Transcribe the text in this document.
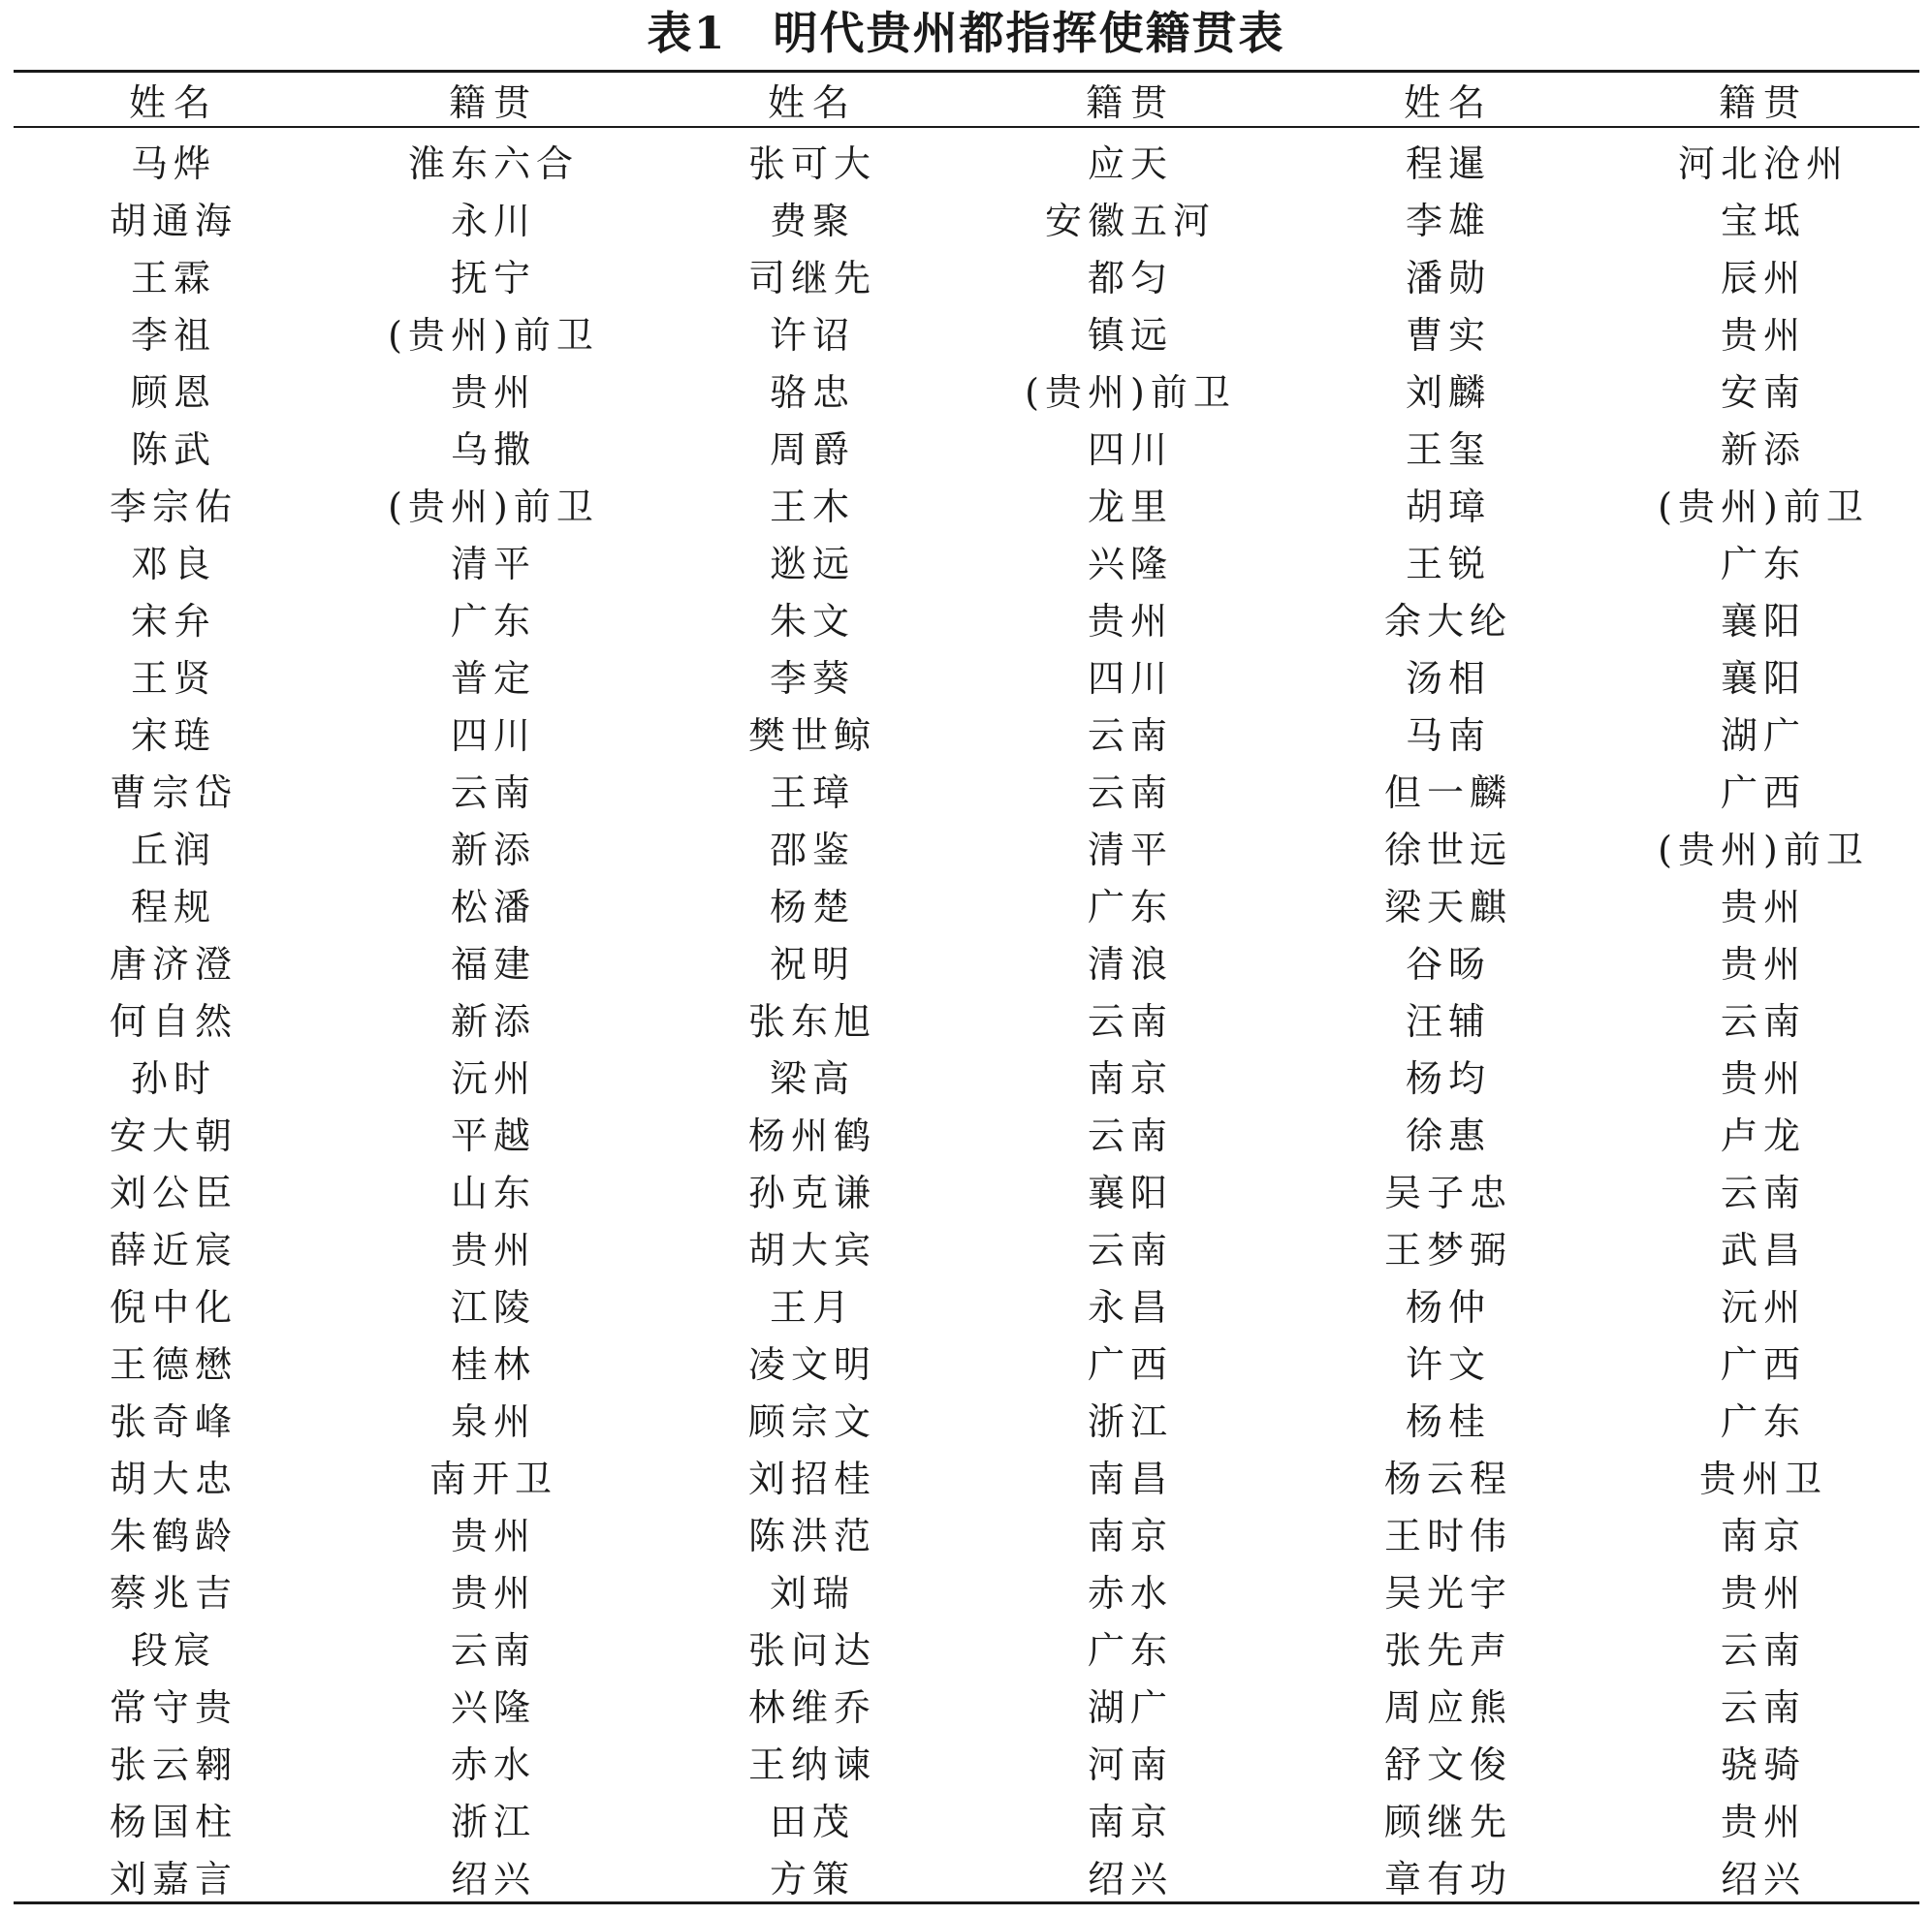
表1 明代贵州都指挥使籍贯表
姓名	籍贯	姓名	籍贯	姓名	籍贯

马烨	淮东六合	张可大	应天	程暹	河北沧州
胡通海	永川	费聚	安徽五河	李雄	宝坻
王霖	抚宁	司继先	都匀	潘勋	辰州
李祖	(贵州)前卫	许诏	镇远	曹实	贵州
顾恩	贵州	骆忠	(贵州)前卫	刘麟	安南
陈武	乌撒	周爵	四川	王玺	新添
李宗佑	(贵州)前卫	王木	龙里	胡璋	(贵州)前卫
邓良	清平	逖远	兴隆	王锐	广东
宋弁	广东	朱文	贵州	余大纶	襄阳
王贤	普定	李葵	四川	汤相	襄阳
宋琏	四川	樊世鲸	云南	马南	湖广
曹宗岱	云南	王璋	云南	但一麟	广西
丘润	新添	邵鉴	清平	徐世远	(贵州)前卫
程规	松潘	杨楚	广东	梁天麒	贵州
唐济澄	福建	祝明	清浪	谷旸	贵州
何自然	新添	张东旭	云南	汪辅	云南
孙时	沅州	梁高	南京	杨均	贵州
安大朝	平越	杨州鹤	云南	徐惠	卢龙
刘公臣	山东	孙克谦	襄阳	吴子忠	云南
薛近宸	贵州	胡大宾	云南	王梦弼	武昌
倪中化	江陵	王月	永昌	杨仲	沅州
王德懋	桂林	凌文明	广西	许文	广西
张奇峰	泉州	顾宗文	浙江	杨桂	广东
胡大忠	南开卫	刘招桂	南昌	杨云程	贵州卫
朱鹤龄	贵州	陈洪范	南京	王时伟	南京
蔡兆吉	贵州	刘瑞	赤水	吴光宇	贵州
段宸	云南	张问达	广东	张先声	云南
常守贵	兴隆	林维乔	湖广	周应熊	云南
张云翱	赤水	王纳谏	河南	舒文俊	骁骑
杨国柱	浙江	田茂	南京	顾继先	贵州
刘嘉言	绍兴	方策	绍兴	章有功	绍兴
